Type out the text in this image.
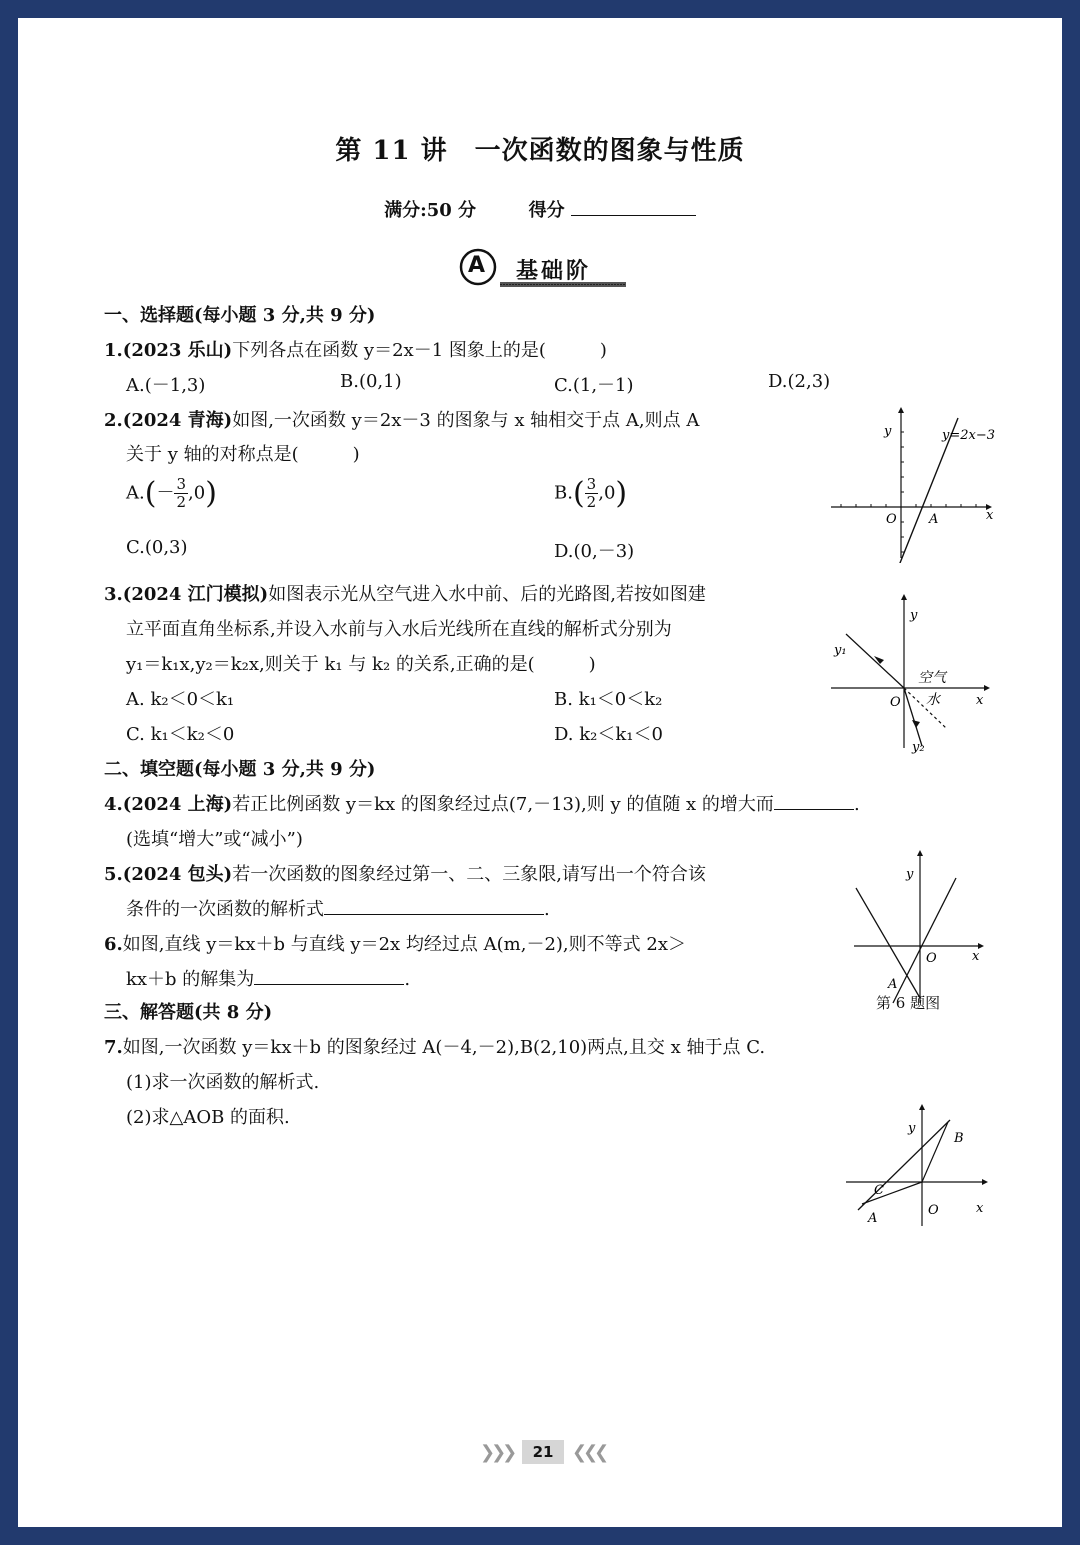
第 11 讲　一次函数的图象与性质
满分:50 分	得分
A 基础阶
一、选择题(每小题 3 分,共 9 分)
1.(2023 乐山)下列各点在函数 y＝2x－1 图象上的是(　　　)
A.(－1,3)	B.(0,1)	C.(1,－1)	D.(2,3)
2.(2024 青海)如图,一次函数 y＝2x－3 的图象与 x 轴相交于点 A,则点 A
关于 y 轴的对称点是(　　　)
$A.(- \frac{3}{2} ,0)$	$B.( \frac{3}{2} ,0)$
C.(0,3)	D.(0,－3)
y	y=2x−3
O A	x
3.(2024 江门模拟)如图表示光从空气进入水中前、后的光路图,若按如图建
立平面直角坐标系,并设入水前与入水后光线所在直线的解析式分别为
y₁＝k₁x,y₂＝k₂x,则关于 k₁ 与 k₂ 的关系,正确的是(　　　)
A. k₂＜0＜k₁	B. k₁＜0＜k₂
C. k₁＜k₂＜0	D. k₂＜k₁＜0
y
y₁
空气
O 水	x
y₂
二、填空题(每小题 3 分,共 9 分)
4.(2024 上海)若正比例函数 y＝kx 的图象经过点(7,－13),则 y 的值随 x 的增大而	.
(选填“增大”或“减小”)
5.(2024 包头)若一次函数的图象经过第一、二、三象限,请写出一个符合该
条件的一次函数的解析式	.
6.如图,直线 y＝kx＋b 与直线 y＝2x 均经过点 A(m,－2),则不等式 2x＞
kx＋b 的解集为	.
y
O	x
A
第 6 题图
三、解答题(共 8 分)
7.如图,一次函数 y＝kx＋b 的图象经过 A(－4,－2),B(2,10)两点,且交 x 轴于点 C.
(1)求一次函数的解析式.
(2)求△AOB 的面积.
y
B
C
O
A
x
❯❯❯	21	❮❮❮
